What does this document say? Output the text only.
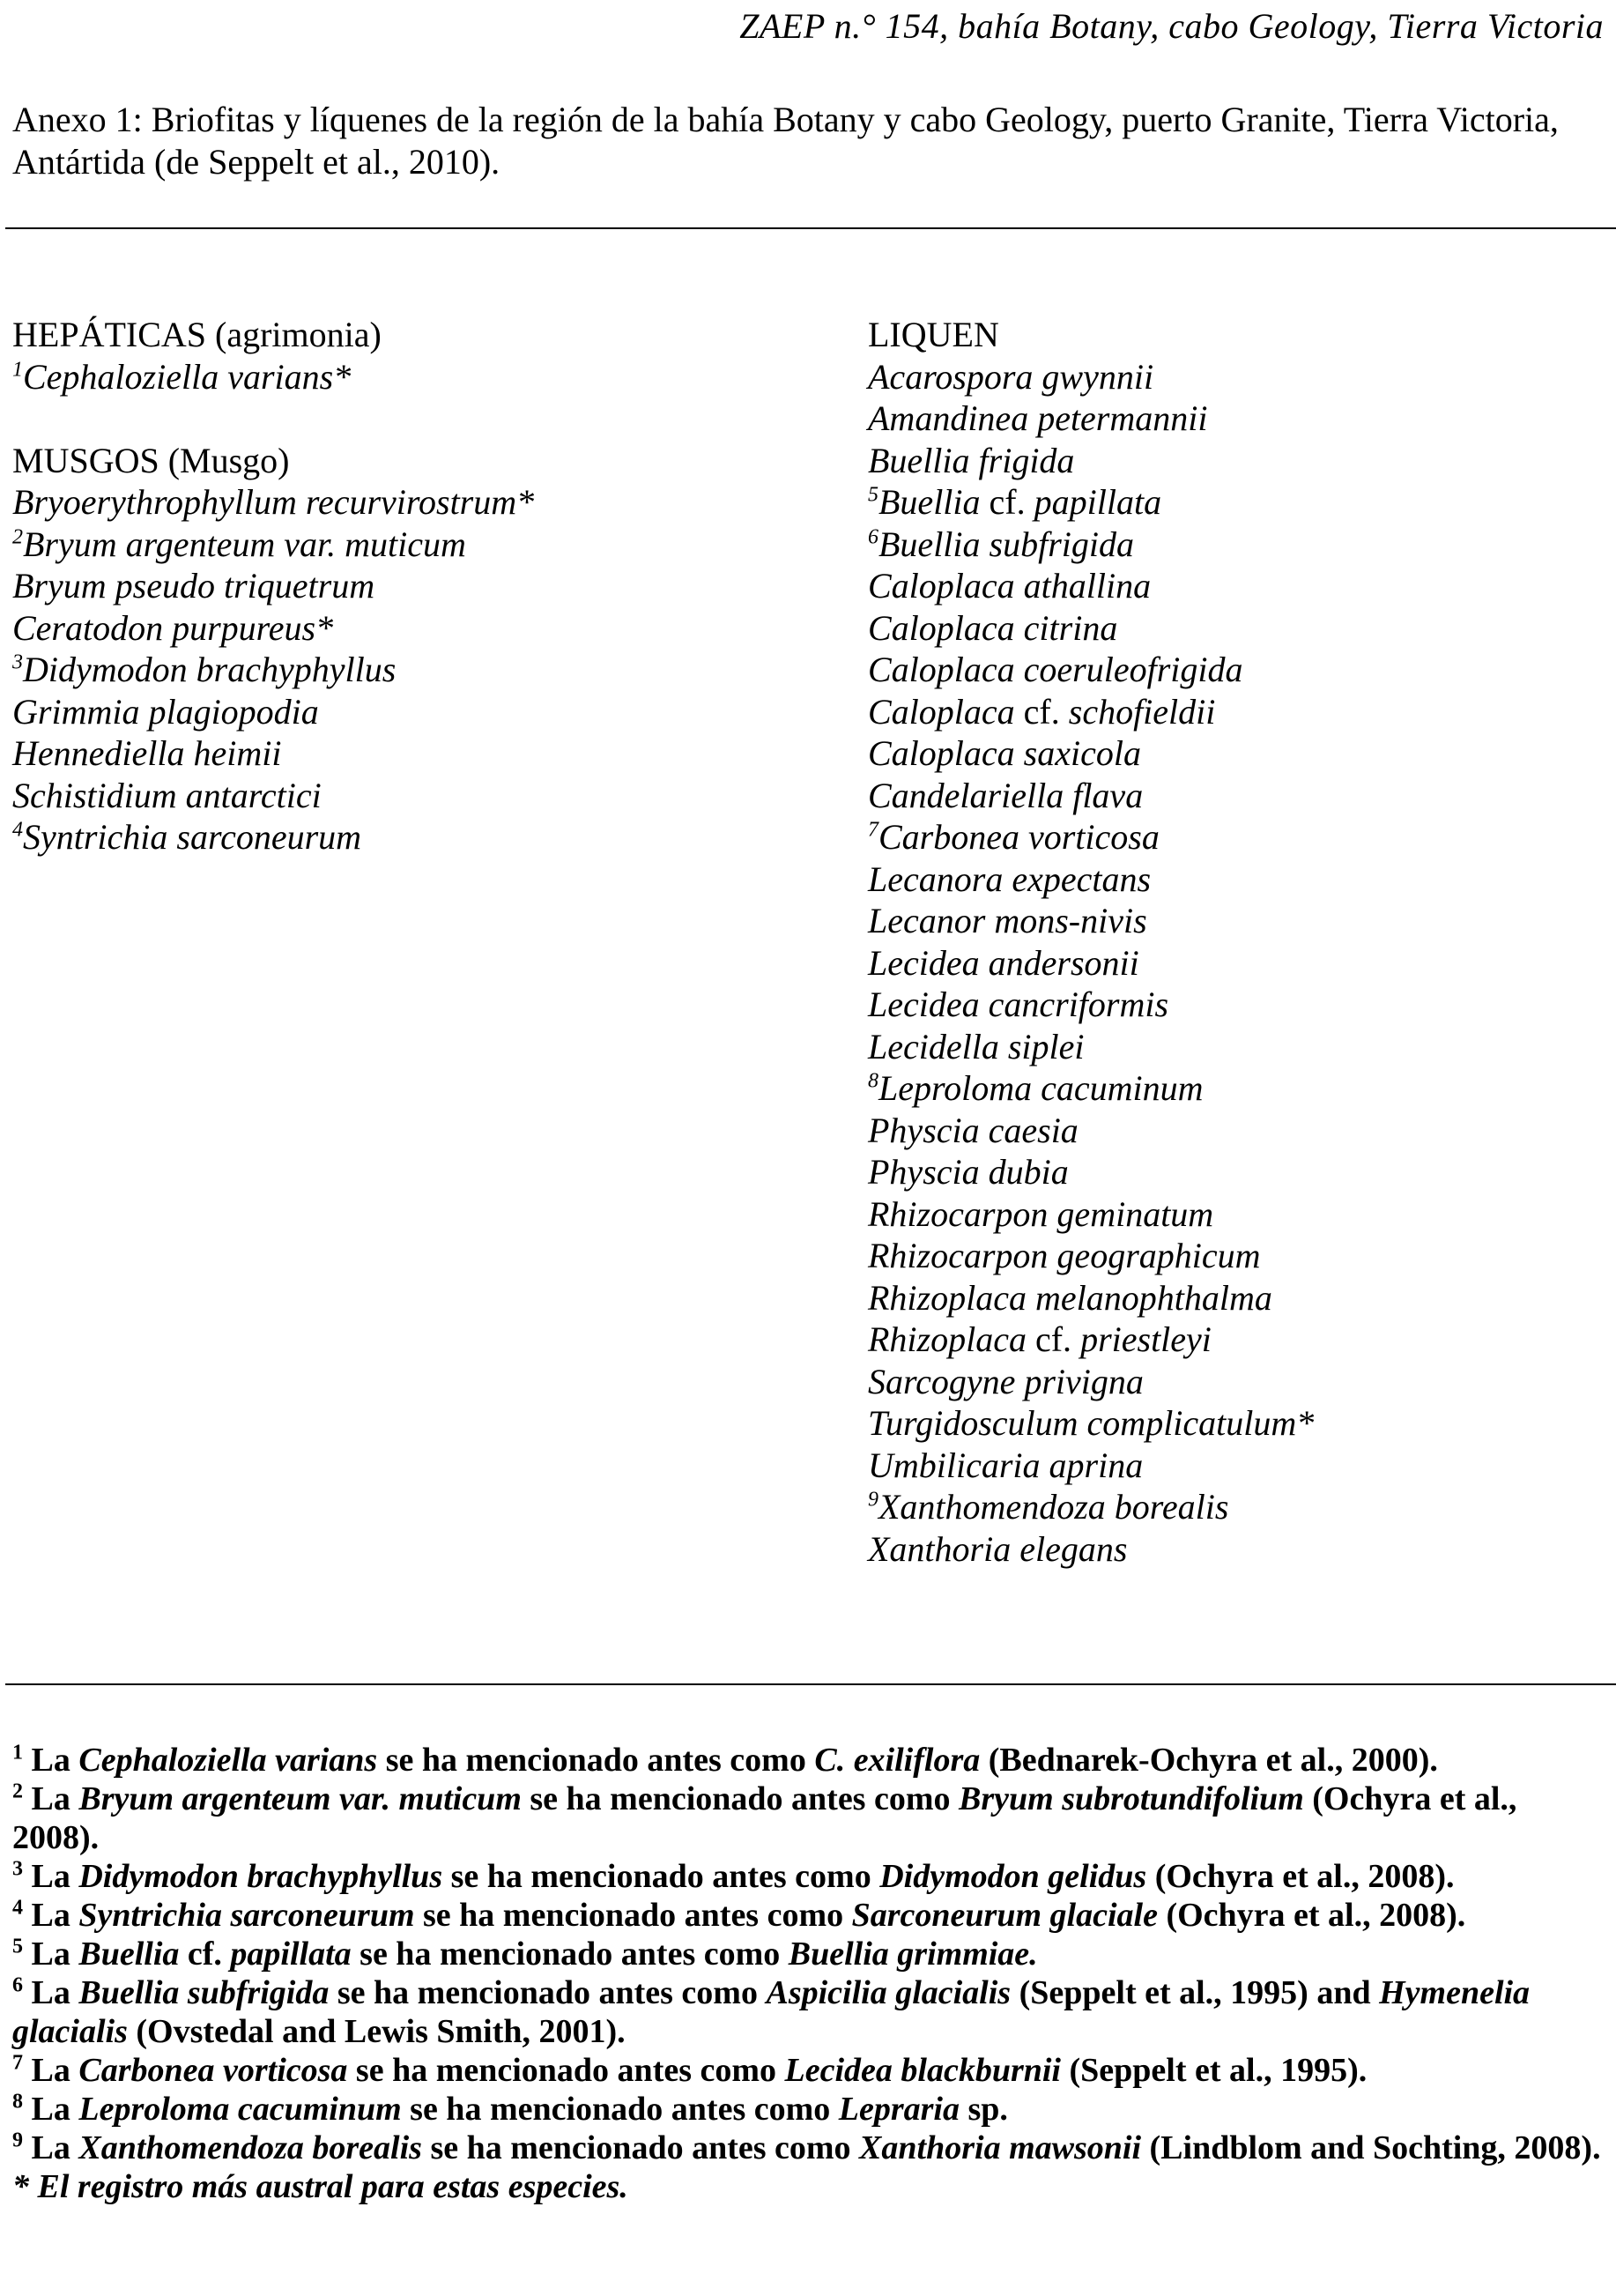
ZAEP n.° 154, bahía Botany, cabo Geology, Tierra Victoria
Anexo 1: Briofitas y líquenes de la región de la bahía Botany y cabo Geology, puerto Granite, Tierra Victoria, Antártida (de Seppelt et al., 2010).
HEPÁTICAS (agrimonia)
$^1$Cephaloziella varians*
MUSGOS (Musgo)
Bryoerythrophyllum recurvirostrum*
$^2$Bryum argenteum var. muticum
Bryum pseudo triquetrum
Ceratodon purpureus*
$^3$Didymodon brachyphyllus
Grimmia plagiopodia
Hennediella heimii
Schistidium antarctici
$^4$Syntrichia sarconeurum
LIQUEN
Acarospora gwynnii
Amandinea petermannii
Buellia frigida
$^5$Buellia cf. papillata
$^6$Buellia subfrigida
Caloplaca athallina
Caloplaca citrina
Caloplaca coeruleofrigida
Caloplaca cf. schofieldii
Caloplaca saxicola
Candelariella flava
$^7$Carbonea vorticosa
Lecanora expectans
Lecanor mons-nivis
Lecidea andersonii
Lecidea cancriformis
Lecidella siplei
$^8$Leproloma cacuminum
Physcia caesia
Physcia dubia
Rhizocarpon geminatum
Rhizocarpon geographicum
Rhizoplaca melanophthalma
Rhizoplaca cf. priestleyi
Sarcogyne privigna
Turgidosculum complicatulum*
Umbilicaria aprina
$^9$Xanthomendoza borealis
Xanthoria elegans
$^1$ La Cephaloziella varians se ha mencionado antes como C. exiliflora (Bednarek-Ochyra et al., 2000).
$^2$ La Bryum argenteum var. muticum se ha mencionado antes como Bryum subrotundifolium (Ochyra et al., 2008).
$^3$ La Didymodon brachyphyllus se ha mencionado antes como Didymodon gelidus (Ochyra et al., 2008).
$^4$ La Syntrichia sarconeurum se ha mencionado antes como Sarconeurum glaciale (Ochyra et al., 2008).
$^5$ La Buellia cf. papillata se ha mencionado antes como Buellia grimmiae.
$^6$ La Buellia subfrigida se ha mencionado antes como Aspicilia glacialis (Seppelt et al., 1995) and Hymenelia glacialis (Ovstedal and Lewis Smith, 2001).
$^7$ La Carbonea vorticosa se ha mencionado antes como Lecidea blackburnii (Seppelt et al., 1995).
$^8$ La Leproloma cacuminum se ha mencionado antes como Lepraria sp.
$^9$ La Xanthomendoza borealis se ha mencionado antes como Xanthoria mawsonii (Lindblom and Sochting, 2008).
* El registro más austral para estas especies.
